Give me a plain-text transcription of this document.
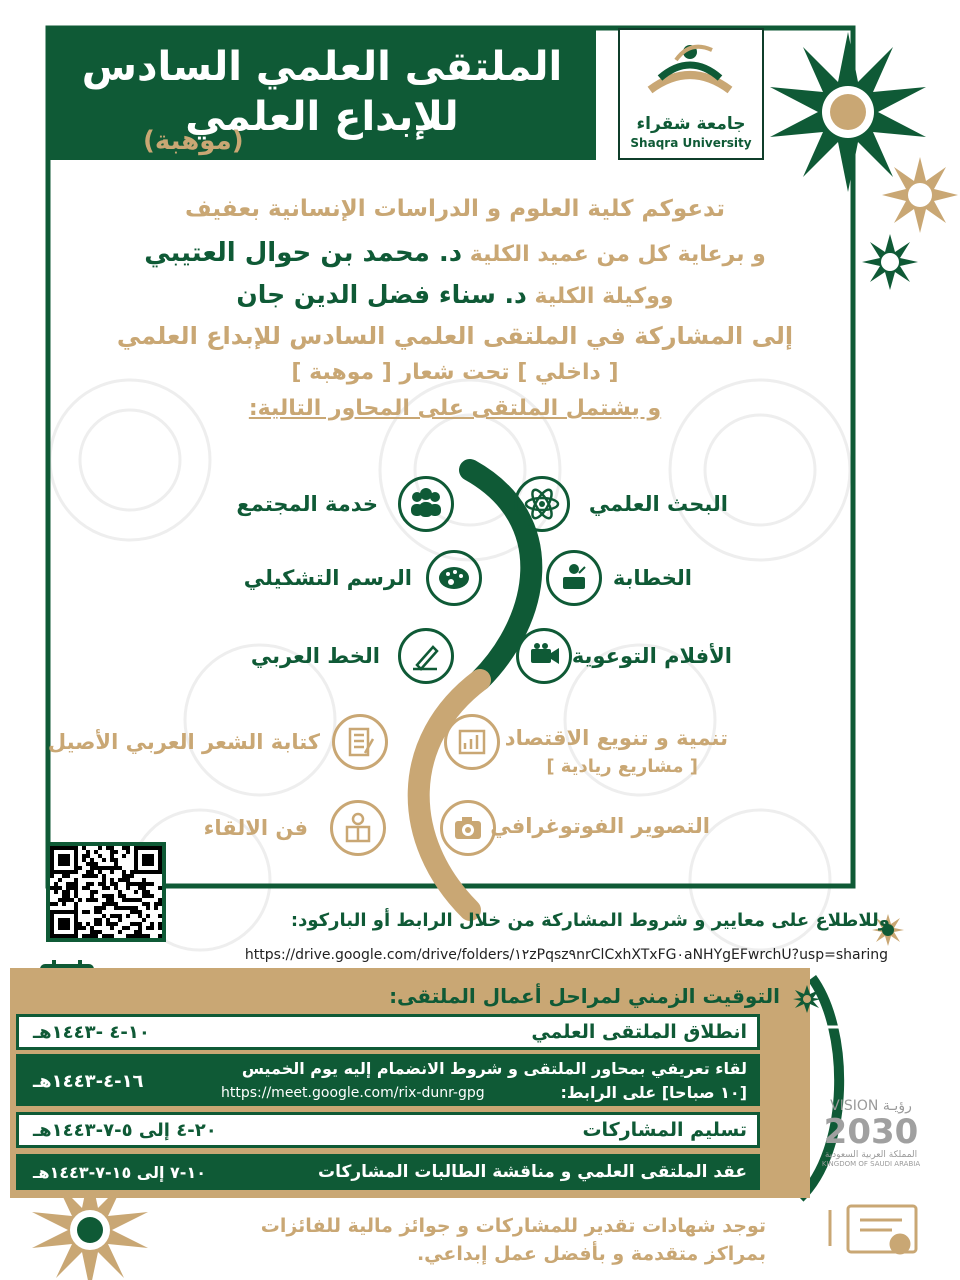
الملتقى العلمي السادس
للإبداع العلمي
(موهبة)
جامعة شقراء
Shaqra University
تدعوكم كلية العلوم و الدراسات الإنسانية بعفيف
و برعاية كل من عميد الكلية د. محمد بن حوال العتيبي
ووكيلة الكلية د. سناء فضل الدين جان
إلى المشاركة في الملتقى العلمي السادس للإبداع العلمي
[ داخلي ] تحت شعار [ موهبة ]
و يشتمل الملتقى على المحاور التالية:
البحث العلمي
خدمة المجتمع
الخطابة
الرسم التشكيلي
الأفلام التوعوية
الخط العربي
تنمية و تنويع الاقتصاد
[ مشاريع ريادية ]
كتابة الشعر العربي الأصيل
التصوير الفوتوغرافي
فن الالقاء
وللاطلاع على معايير و شروط المشاركة من خلال الرابط أو الباركود:
https://drive.google.com/drive/folders/١٢zPqsz٩nrClCxhXTxFG٠aNHYgEFwrchU?usp=sharing
التوقيت الزمني لمراحل أعمال الملتقى:
انطلاق الملتقى العلمي
١٠-٤ -١٤٤٣هـ
لقاء تعريفي بمحاور الملتقى و شروط الانضمام إليه يوم الخميس
[١٠ صباحا] على الرابط:
https://meet.google.com/rix-dunr-gpg
١٦-٤-١٤٤٣هـ
تسليم المشاركات
٢٠-٤ إلى ٥-٧-١٤٤٣هـ
عقد الملتقى العلمي و مناقشة الطالبات المشاركات
١٠-٧ إلى ١٥-٧-١٤٤٣هـ
VISION رؤيـة
2030
المملكة العربية السعودية
KINGDOM OF SAUDI ARABIA
توجد شهادات تقدير للمشاركات و جوائز مالية للفائزات
بمراكز متقدمة و بأفضل عمل إبداعي.
